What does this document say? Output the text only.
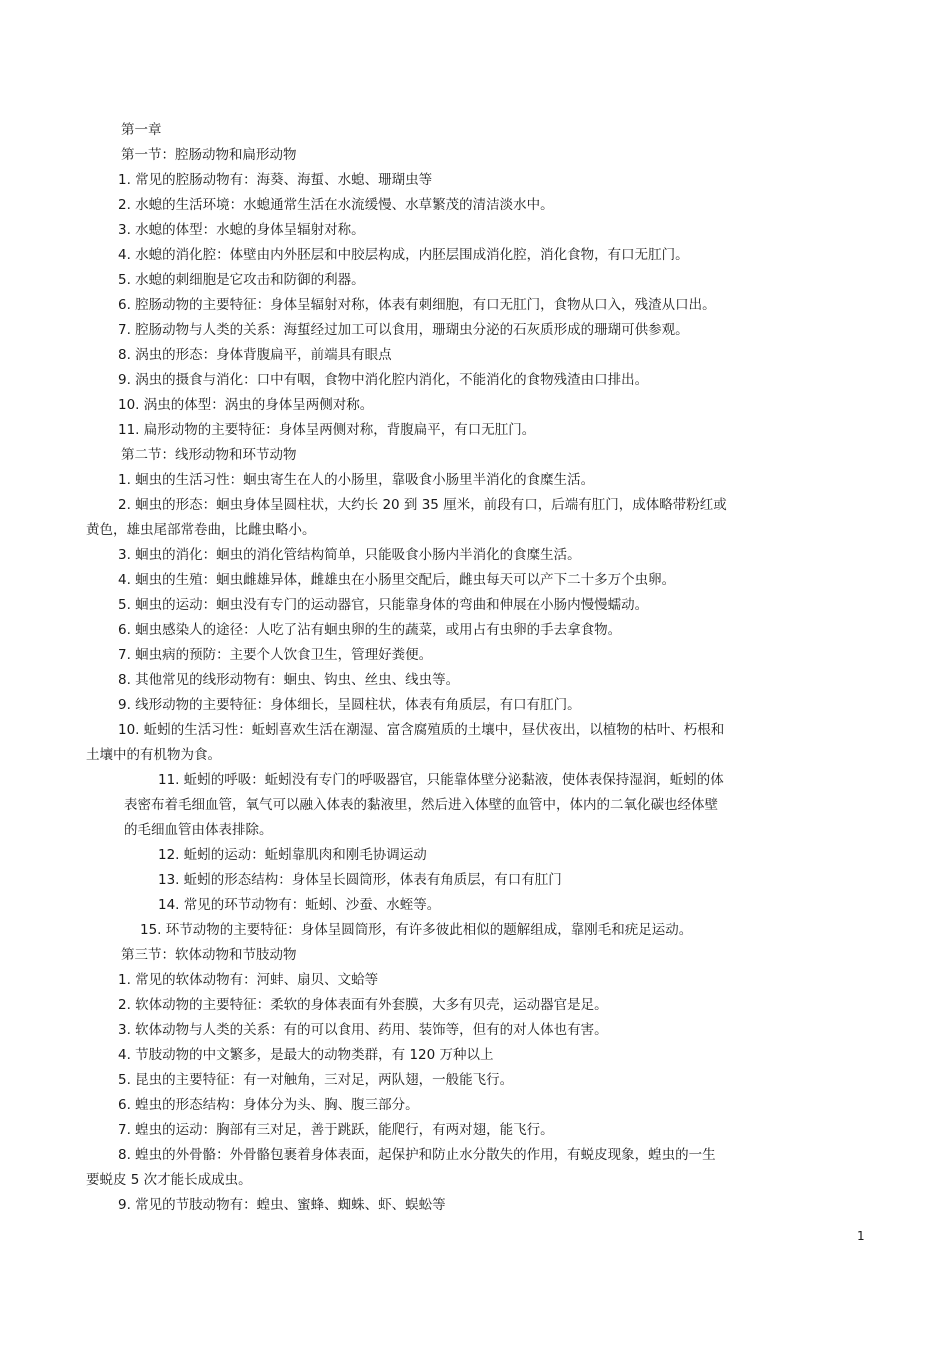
第一章
第一节：腔肠动物和扁形动物
1. 常见的腔肠动物有：海葵、海蜇、水螅、珊瑚虫等
2. 水螅的生活环境：水螅通常生活在水流缓慢、水草繁茂的清洁淡水中。
3. 水螅的体型：水螅的身体呈辐射对称。
4. 水螅的消化腔：体壁由内外胚层和中胶层构成，内胚层围成消化腔，消化食物，有口无肛门。
5. 水螅的刺细胞是它攻击和防御的利器。
6. 腔肠动物的主要特征：身体呈辐射对称，体表有刺细胞，有口无肛门，食物从口入，残渣从口出。
7. 腔肠动物与人类的关系：海蜇经过加工可以食用，珊瑚虫分泌的石灰质形成的珊瑚可供参观。
8. 涡虫的形态：身体背腹扁平，前端具有眼点
9. 涡虫的摄食与消化：口中有咽，食物中消化腔内消化，不能消化的食物残渣由口排出。
10. 涡虫的体型：涡虫的身体呈两侧对称。
11. 扁形动物的主要特征：身体呈两侧对称，背腹扁平，有口无肛门。
第二节：线形动物和环节动物
1. 蛔虫的生活习性：蛔虫寄生在人的小肠里，靠吸食小肠里半消化的食糜生活。
2. 蛔虫的形态：蛔虫身体呈圆柱状，大约长 20 到 35 厘米，前段有口，后端有肛门，成体略带粉红或
黄色，雄虫尾部常卷曲，比雌虫略小。
3. 蛔虫的消化：蛔虫的消化管结构简单，只能吸食小肠内半消化的食糜生活。
4. 蛔虫的生殖：蛔虫雌雄异体，雌雄虫在小肠里交配后，雌虫每天可以产下二十多万个虫卵。
5. 蛔虫的运动：蛔虫没有专门的运动器官，只能靠身体的弯曲和伸展在小肠内慢慢蠕动。
6. 蛔虫感染人的途径：人吃了沾有蛔虫卵的生的蔬菜，或用占有虫卵的手去拿食物。
7. 蛔虫病的预防：主要个人饮食卫生，管理好粪便。
8. 其他常见的线形动物有：蛔虫、钩虫、丝虫、线虫等。
9. 线形动物的主要特征：身体细长，呈圆柱状，体表有角质层，有口有肛门。
10. 蚯蚓的生活习性：蚯蚓喜欢生活在潮湿、富含腐殖质的土壤中，昼伏夜出，以植物的枯叶、朽根和
土壤中的有机物为食。
11. 蚯蚓的呼吸：蚯蚓没有专门的呼吸器官，只能靠体壁分泌黏液，使体表保持湿润，蚯蚓的体
表密布着毛细血管，氧气可以融入体表的黏液里，然后进入体壁的血管中，体内的二氧化碳也经体壁
的毛细血管由体表排除。
12. 蚯蚓的运动：蚯蚓靠肌肉和刚毛协调运动
13. 蚯蚓的形态结构：身体呈长圆筒形，体表有角质层，有口有肛门
14. 常见的环节动物有：蚯蚓、沙蚕、水蛭等。
15. 环节动物的主要特征：身体呈圆筒形，有许多彼此相似的题解组成，靠刚毛和疣足运动。
第三节：软体动物和节肢动物
1. 常见的软体动物有：河蚌、扇贝、文蛤等
2. 软体动物的主要特征：柔软的身体表面有外套膜，大多有贝壳，运动器官是足。
3. 软体动物与人类的关系：有的可以食用、药用、装饰等，但有的对人体也有害。
4. 节肢动物的中文繁多，是最大的动物类群，有 120 万种以上
5. 昆虫的主要特征：有一对触角，三对足，两队翅，一般能飞行。
6. 蝗虫的形态结构：身体分为头、胸、腹三部分。
7. 蝗虫的运动：胸部有三对足，善于跳跃，能爬行，有两对翅，能飞行。
8. 蝗虫的外骨骼：外骨骼包裹着身体表面，起保护和防止水分散失的作用，有蜕皮现象，蝗虫的一生
要蜕皮 5 次才能长成成虫。
9. 常见的节肢动物有：蝗虫、蜜蜂、蜘蛛、虾、蜈蚣等
1
